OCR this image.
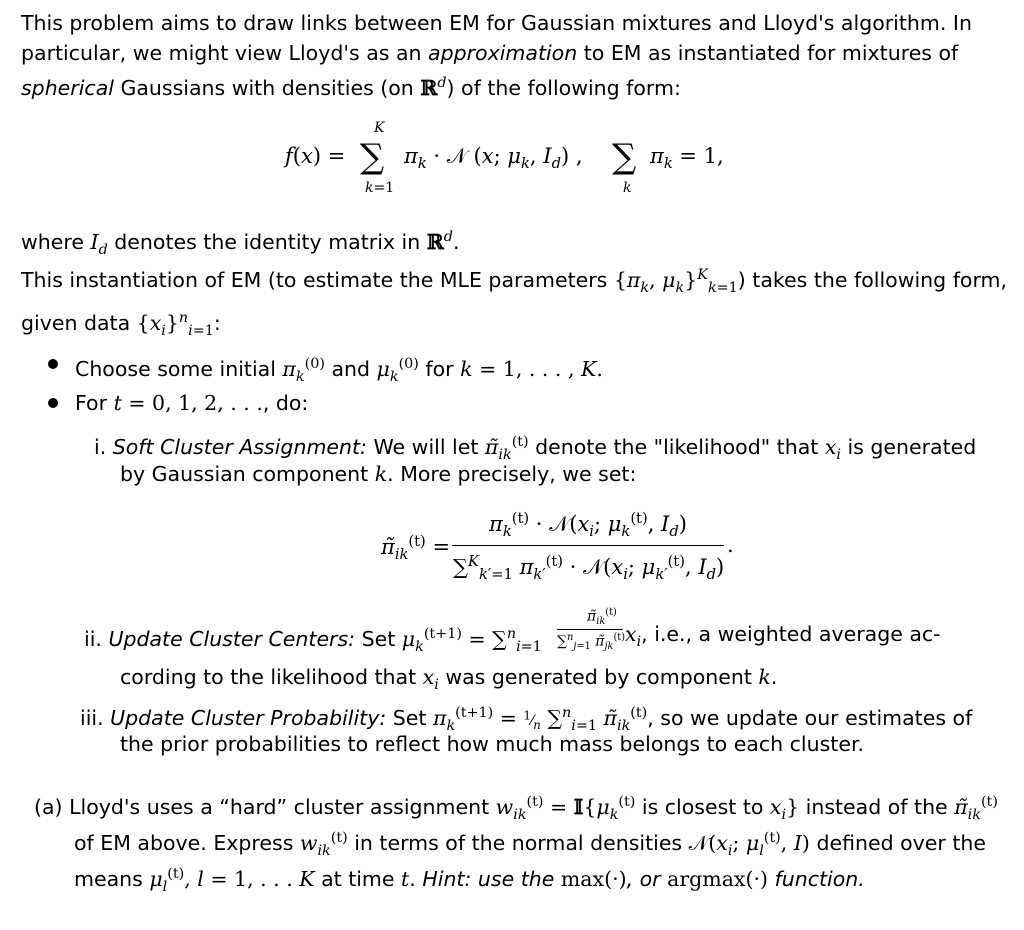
This problem aims to draw links between EM for Gaussian mixtures and Lloyd's algorithm. In
particular, we might view Lloyd's as an approximation to EM as instantiated for mixtures of
spherical Gaussians with densities (on ℝ$^d$) of the following form:
K
f(x) = ∑
k=1
$\pi_k$ · 𝒩 (x; $\mu_k$, $I_d$) , ∑
k
$\pi_k = 1$,
where $I_d$ denotes the identity matrix in ℝ$^d$.
This instantiation of EM (to estimate the MLE parameters {$\pi_k$, $\mu_k\}^K_{k=1}$) takes the following form,
given data $\{x_i\}^n_{i=1}$:
Choose some initial $\pi_k^{(0)}$ and $\mu_k^{(0)}$ for k = 1, . . . , K.
For t = 0, 1, 2, . . ., do:
i. Soft Cluster Assignment: We will let $\pĩ_{ik}^{(t)}$ denote the "likelihood" that $x_i$ is generated
by Gaussian component k. More precisely, we set:
$\pĩ_{ik}^{(t)}$ =
$\pi_k^{(t)}$ · $𝒩(x_i$; $\mu_k^{(t)}$, $I_d$)
∑$^K_{k'=1}$ $\pi_{k'}^{(t)}$ · $𝒩(x_i$; $\mu_{k'}^{(t)}$, $I_d$)
.
ii. Update Cluster Centers: Set $\mu_k^{(t+1)} = \sum^n_{i=1}$
$\pĩ_{ik}^{(t)}$
∑$^n_{j=1}$ $\pĩ_{jk}^{(t)}$ $x_i$, i.e., a weighted average ac-
cording to the likelihood that $x_i$ was generated by component k.
iii. Update Cluster Probability: Set $\pi_k^{(t+1)}$ = $^1⁄_n$ ∑$^n_{i=1}$ $\pĩ_{ik}^{(t)}$, so we update our estimates of
the prior probabilities to reflect how much mass belongs to each cluster.
(a) Lloyd's uses a “hard” cluster assignment $w_{ik}^{(t)}$ = $𝕀\{\mu_k^{(t)}$ is closest to $x_i$} instead of the $\pĩ_{ik}^{(t)}$
of EM above. Express $w_{ik}^{(t)}$ in terms of the normal densities $𝒩(x_i$; $\mu_l^{(t)}$, I) defined over the
means $\mu_l^{(t)}$, l = 1, . . . K at time t. Hint: use the max(·), or argmax(·) function.
